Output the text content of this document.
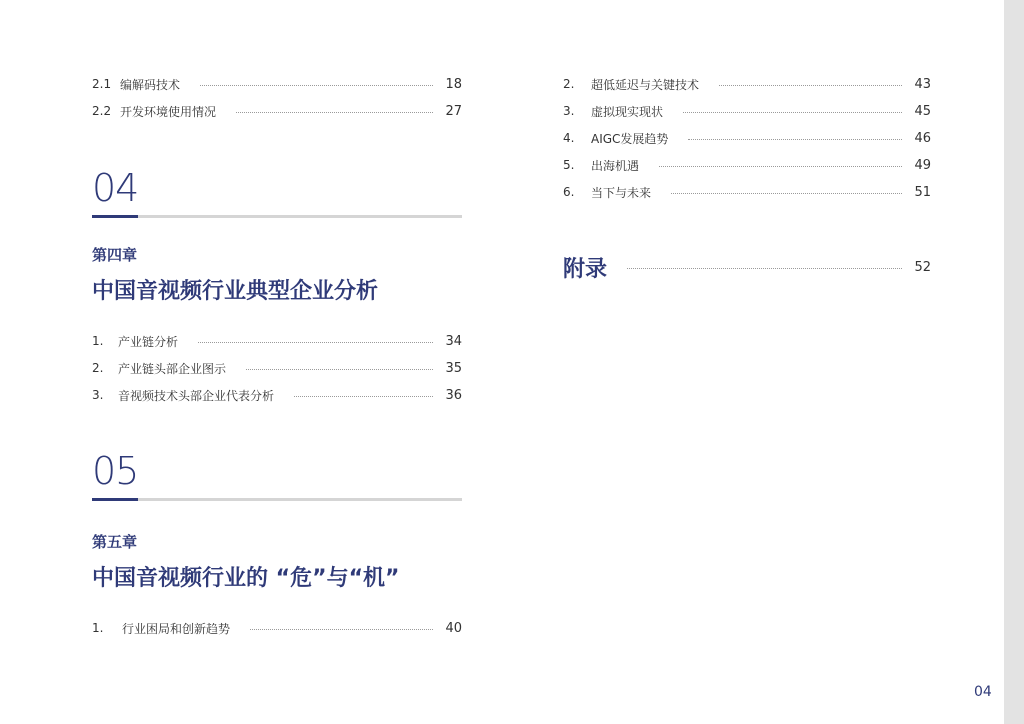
2.1 编解码技术	18
2.2 开发环境使用情况	27
04
第四章
中国音视频行业典型企业分析
1.	产业链分析	34
2.	产业链头部企业图示	35
3.	音视频技术头部企业代表分析	36
05
第五章
中国音视频行业的 “危”与“机”
1.	行业困局和创新趋势	40
2.	超低延迟与关键技术	43
3.	虚拟现实现状	45
4.	AIGC发展趋势	46
5.	出海机遇	49
6.	当下与未来	51
附录	52
04
